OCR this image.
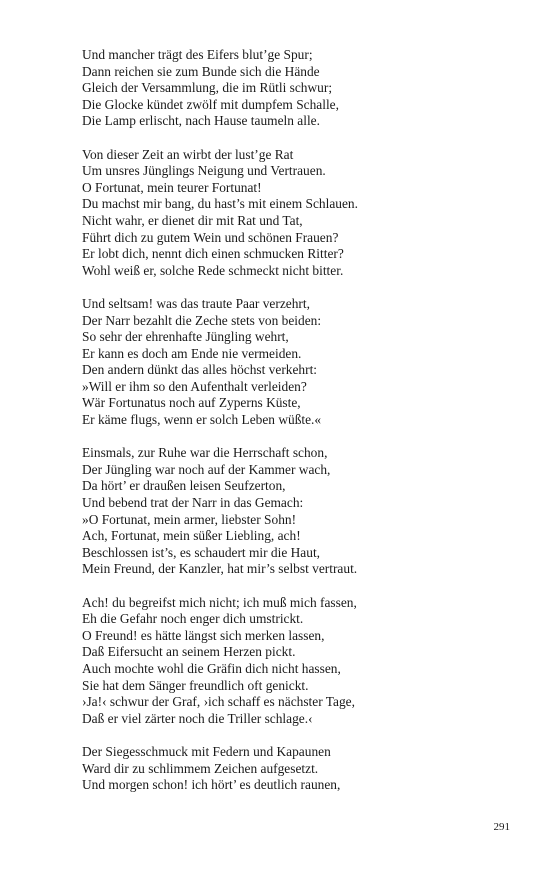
Und mancher trägt des Eifers blut’ge Spur;
Dann reichen sie zum Bunde sich die Hände
Gleich der Versammlung, die im Rütli schwur;
Die Glocke kündet zwölf mit dumpfem Schalle,
Die Lamp erlischt, nach Hause taumeln alle.
Von dieser Zeit an wirbt der lust’ge Rat
Um unsres Jünglings Neigung und Vertrauen.
O Fortunat, mein teurer Fortunat!
Du machst mir bang, du hast’s mit einem Schlauen.
Nicht wahr, er dienet dir mit Rat und Tat,
Führt dich zu gutem Wein und schönen Frauen?
Er lobt dich, nennt dich einen schmucken Ritter?
Wohl weiß er, solche Rede schmeckt nicht bitter.
Und seltsam! was das traute Paar verzehrt,
Der Narr bezahlt die Zeche stets von beiden:
So sehr der ehrenhafte Jüngling wehrt,
Er kann es doch am Ende nie vermeiden.
Den andern dünkt das alles höchst verkehrt:
»Will er ihm so den Aufenthalt verleiden?
Wär Fortunatus noch auf Zyperns Küste,
Er käme flugs, wenn er solch Leben wüßte.«
Einsmals, zur Ruhe war die Herrschaft schon,
Der Jüngling war noch auf der Kammer wach,
Da hört’ er draußen leisen Seufzerton,
Und bebend trat der Narr in das Gemach:
»O Fortunat, mein armer, liebster Sohn!
Ach, Fortunat, mein süßer Liebling, ach!
Beschlossen ist’s, es schaudert mir die Haut,
Mein Freund, der Kanzler, hat mir’s selbst vertraut.
Ach! du begreifst mich nicht; ich muß mich fassen,
Eh die Gefahr noch enger dich umstrickt.
O Freund! es hätte längst sich merken lassen,
Daß Eifersucht an seinem Herzen pickt.
Auch mochte wohl die Gräfin dich nicht hassen,
Sie hat dem Sänger freundlich oft genickt.
›Ja!‹ schwur der Graf, ›ich schaff es nächster Tage,
Daß er viel zärter noch die Triller schlage.‹
Der Siegesschmuck mit Federn und Kapaunen
Ward dir zu schlimmem Zeichen aufgesetzt.
Und morgen schon! ich hört’ es deutlich raunen,
291
